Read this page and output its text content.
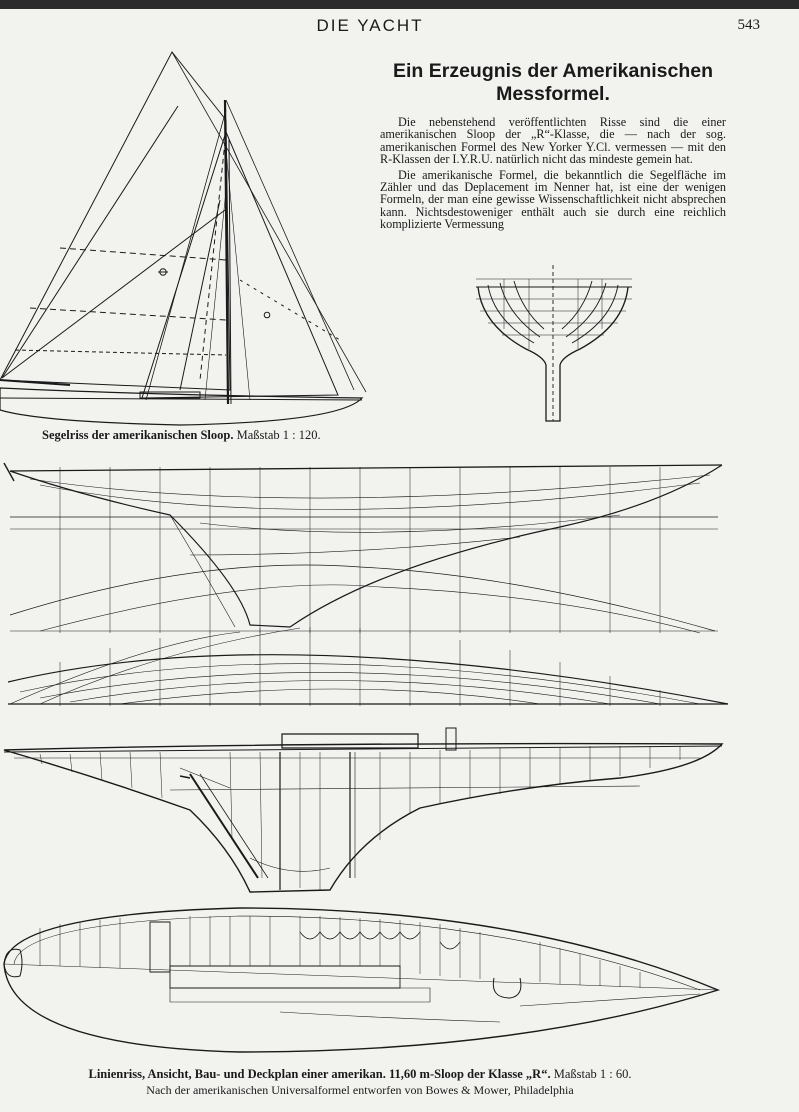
DIE YACHT	543
Ein Erzeugnis der Amerikanischen
Messformel.

Die nebenstehend veröffentlichten Risse sind die einer amerikanischen Sloop der „R“-Klasse, die — nach der sog. amerikanischen Formel des New Yorker Y.Cl. vermessen — mit den R-Klassen der I.Y.R.U. natürlich nicht das mindeste gemein hat.

Die amerikanische Formel, die bekanntlich die Segelfläche im Zähler und das Deplacement im Nenner hat, ist eine der wenigen Formeln, der man eine gewisse Wissenschaftlichkeit nicht absprechen kann. Nichtsdestoweniger enthält auch sie durch eine reichlich komplizierte Vermessung

Segelriss der amerikanischen Sloop. Maßstab 1 : 120.
Linienriss, Ansicht, Bau- und Deckplan einer amerikan. 11,60 m-Sloop der Klasse „R“. Maßstab 1 : 60.
Nach der amerikanischen Universalformel entworfen von Bowes & Mower, Philadelphia
